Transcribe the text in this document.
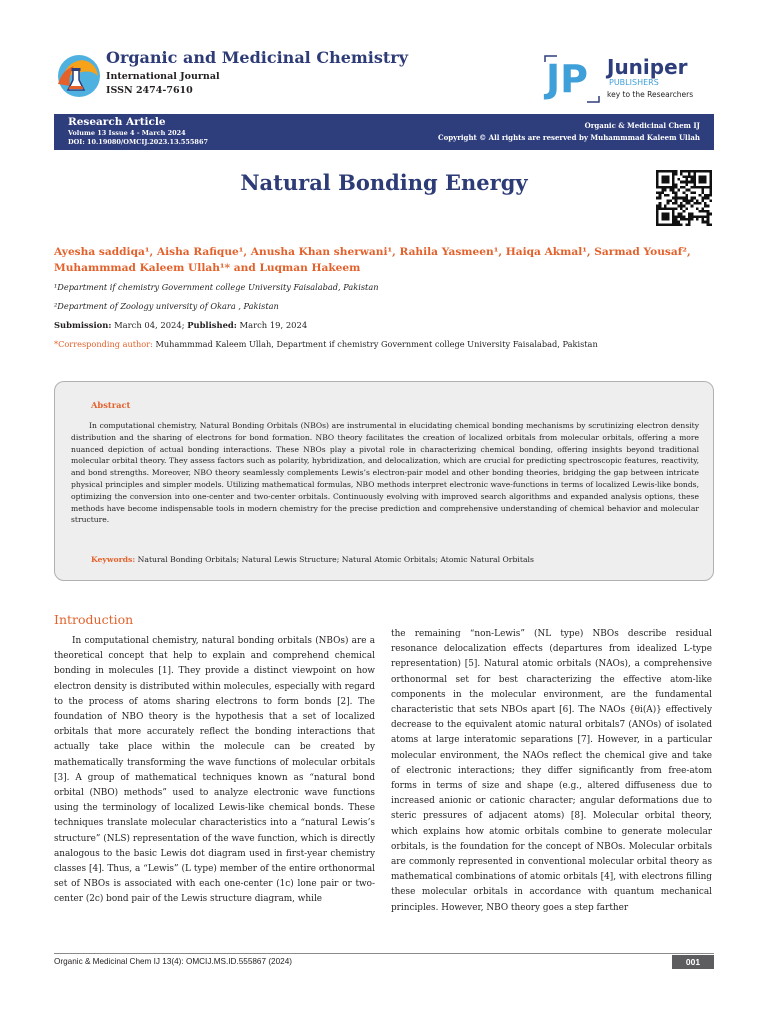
Organic and Medicinal Chemistry
International Journal
ISSN 2474-7610	JP Juniper
PUBLISHERS
key to the Researchers
Research Article
Volume 13 Issue 4 - March 2024
DOI: 10.19080/OMCIJ.2023.13.555867
Organic & Medicinal Chem IJ
Copyright © All rights are reserved by Muhammmad Kaleem Ullah
Natural Bonding Energy
Ayesha saddiqa¹, Aisha Rafique¹, Anusha Khan sherwani¹, Rahila Yasmeen¹, Haiqa Akmal¹, Sarmad Yousaf²,
Muhammmad Kaleem Ullah¹* and Luqman Hakeem
¹Department if chemistry Government college University Faisalabad, Pakistan
²Department of Zoology university of Okara , Pakistan
Submission: March 04, 2024; Published: March 19, 2024
*Corresponding author: Muhammmad Kaleem Ullah, Department if chemistry Government college University Faisalabad, Pakistan
Abstract
In computational chemistry, Natural Bonding Orbitals (NBOs) are instrumental in elucidating chemical bonding mechanisms by scrutinizing electron density distribution and the sharing of electrons for bond formation. NBO theory facilitates the creation of localized orbitals from molecular orbitals, offering a more nuanced depiction of actual bonding interactions. These NBOs play a pivotal role in characterizing chemical bonding, offering insights beyond traditional molecular orbital theory. They assess factors such as polarity, hybridization, and delocalization, which are crucial for predicting spectroscopic features, reactivity, and bond strengths. Moreover, NBO theory seamlessly complements Lewis’s electron-pair model and other bonding theories, bridging the gap between intricate physical principles and simpler models. Utilizing mathematical formulas, NBO methods interpret electronic wave-functions in terms of localized Lewis-like bonds, optimizing the conversion into one-center and two-center orbitals. Continuously evolving with improved search algorithms and expanded analysis options, these methods have become indispensable tools in modern chemistry for the precise prediction and comprehensive understanding of chemical behavior and molecular structure.
Keywords: Natural Bonding Orbitals; Natural Lewis Structure; Natural Atomic Orbitals; Atomic Natural Orbitals
Introduction
In computational chemistry, natural bonding orbitals (NBOs) are a theoretical concept that help to explain and comprehend chemical bonding in molecules [1]. They provide a distinct viewpoint on how electron density is distributed within molecules, especially with regard to the process of atoms sharing electrons to form bonds [2]. The foundation of NBO theory is the hypothesis that a set of localized orbitals that more accurately reflect the bonding interactions that actually take place within the molecule can be created by mathematically transforming the wave functions of molecular orbitals [3]. A group of mathematical techniques known as “natural bond orbital (NBO) methods” used to analyze electronic wave functions using the terminology of localized Lewis-like chemical bonds. These techniques translate molecular characteristics into a “natural Lewis’s structure” (NLS) representation of the wave function, which is directly analogous to the basic Lewis dot diagram used in first-year chemistry classes [4]. Thus, a “Lewis” (L type) member of the entire orthonormal set of NBOs is associated with each one-center (1c) lone pair or two-center (2c) bond pair of the Lewis structure diagram, while
the remaining “non-Lewis” (NL type) NBOs describe residual resonance delocalization effects (departures from idealized L-type representation) [5]. Natural atomic orbitals (NAOs), a comprehensive orthonormal set for best characterizing the effective atom-like components in the molecular environment, are the fundamental characteristic that sets NBOs apart [6]. The NAOs {θi(A)} effectively decrease to the equivalent atomic natural orbitals7 (ANOs) of isolated atoms at large interatomic separations [7]. However, in a particular molecular environment, the NAOs reflect the chemical give and take of electronic interactions; they differ significantly from free-atom forms in terms of size and shape (e.g., altered diffuseness due to increased anionic or cationic character; angular deformations due to steric pressures of adjacent atoms) [8]. Molecular orbital theory, which explains how atomic orbitals combine to generate molecular orbitals, is the foundation for the concept of NBOs. Molecular orbitals are commonly represented in conventional molecular orbital theory as mathematical combinations of atomic orbitals [4], with electrons filling these molecular orbitals in accordance with quantum mechanical principles. However, NBO theory goes a step farther
Organic & Medicinal Chem IJ 13(4): OMCIJ.MS.ID.555867 (2024)	001
